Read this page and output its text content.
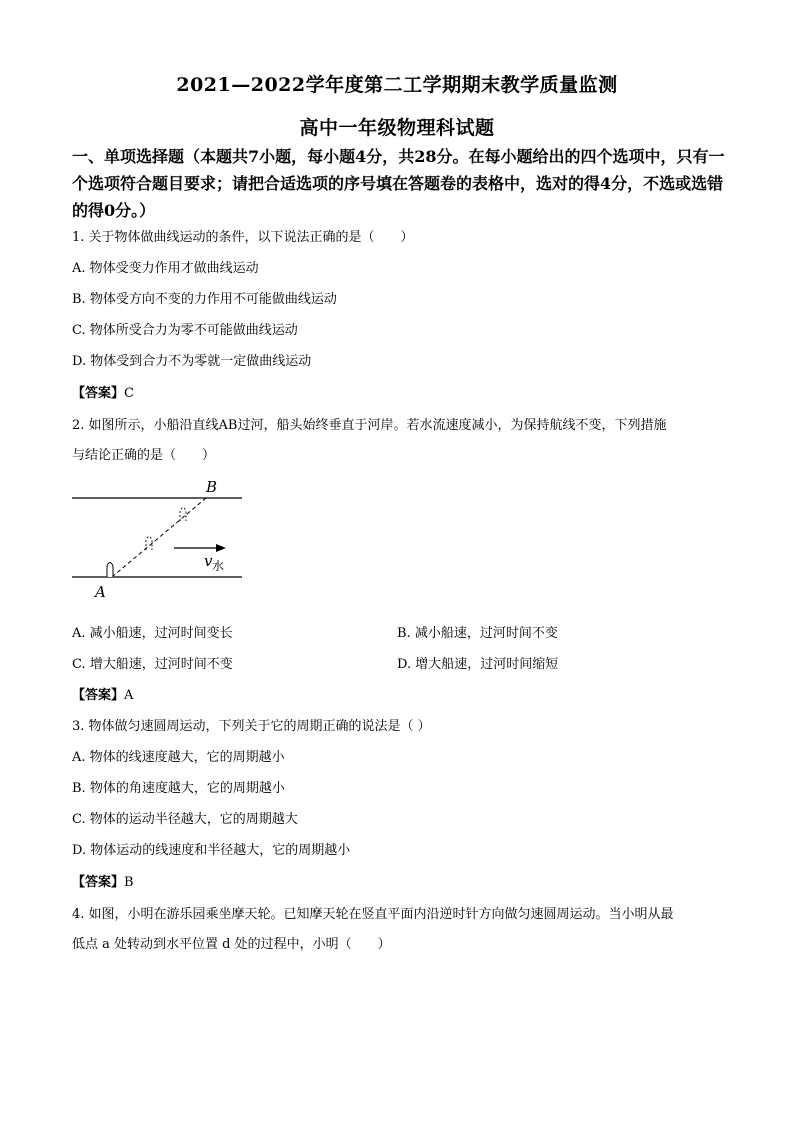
2021—2022学年度第二工学期期末教学质量监测
高中一年级物理科试题
一、单项选择题（本题共7小题，每小题4分，共28分。在每小题给出的四个选项中，只有一个选项符合题目要求；请把合适选项的序号填在答题卷的表格中，选对的得4分，不选或选错的得0分。）
1. 关于物体做曲线运动的条件，以下说法正确的是（　　）
A. 物体受变力作用才做曲线运动
B. 物体受方向不变的力作用不可能做曲线运动
C. 物体所受合力为零不可能做曲线运动
D. 物体受到合力不为零就一定做曲线运动
【答案】C
2. 如图所示，小船沿直线AB过河，船头始终垂直于河岸。若水流速度减小，为保持航线不变，下列措施
与结论正确的是（　　）
A
B
v 水
A. 减小船速，过河时间变长	B. 减小船速，过河时间不变
C. 增大船速，过河时间不变	D. 增大船速，过河时间缩短
【答案】A
3. 物体做匀速圆周运动，下列关于它的周期正确的说法是（ ）
A. 物体的线速度越大，它的周期越小
B. 物体的角速度越大，它的周期越小
C. 物体的运动半径越大，它的周期越大
D. 物体运动的线速度和半径越大，它的周期越小
【答案】B
4. 如图，小明在游乐园乘坐摩天轮。已知摩天轮在竖直平面内沿逆时针方向做匀速圆周运动。当小明从最
低点 a 处转动到水平位置 d 处的过程中，小明（　　）
